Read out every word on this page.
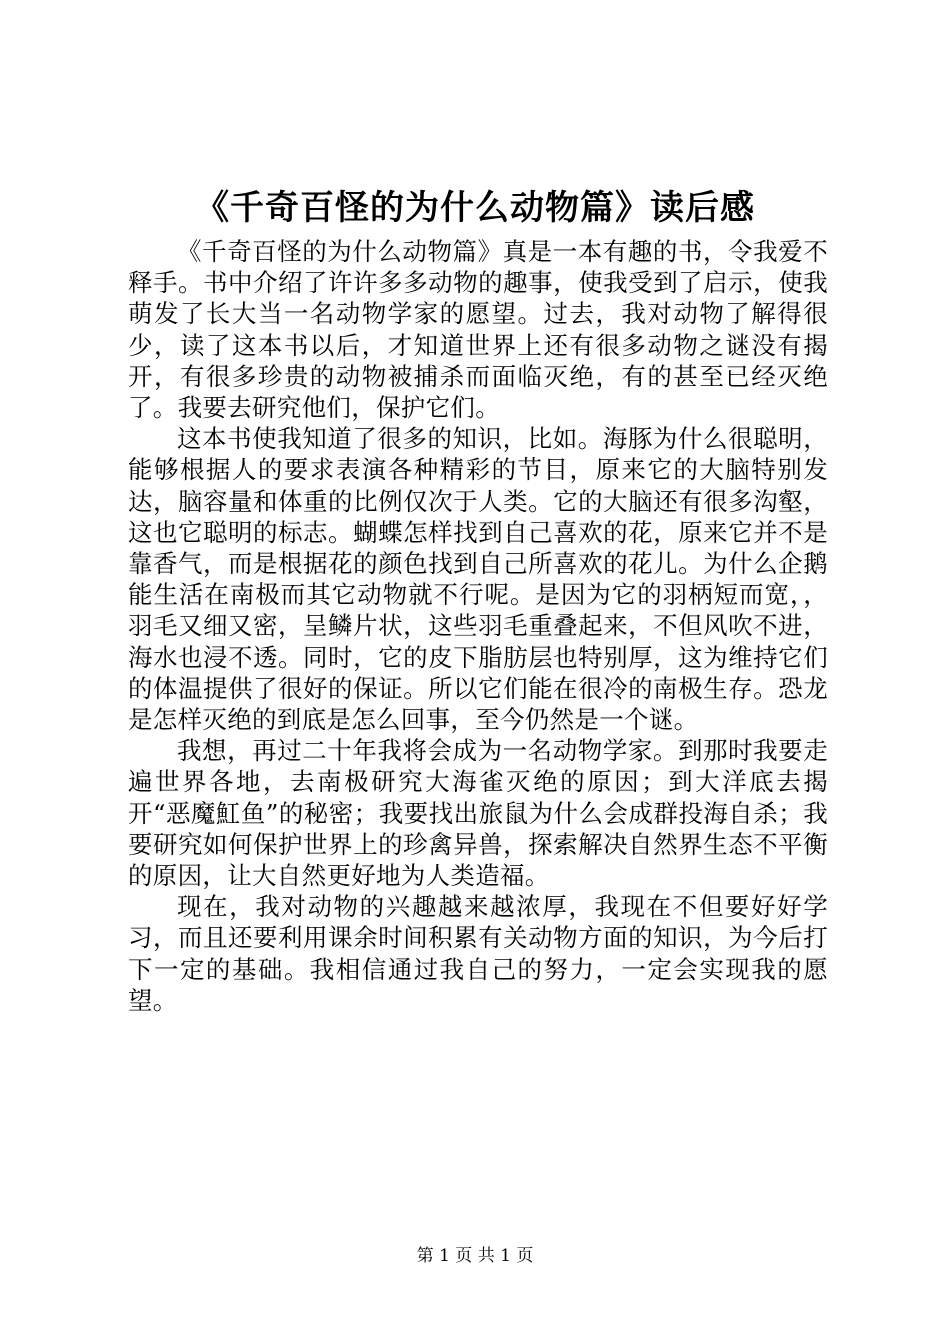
《千奇百怪的为什么动物篇》读后感

《千奇百怪的为什么动物篇》真是一本有趣的书，令我爱不释手。书中介绍了许许多多动物的趣事，使我受到了启示，使我萌发了长大当一名动物学家的愿望。过去，我对动物了解得很少，读了这本书以后，才知道世界上还有很多动物之谜没有揭开，有很多珍贵的动物被捕杀而面临灭绝，有的甚至已经灭绝了。我要去研究他们，保护它们。

这本书使我知道了很多的知识，比如。海豚为什么很聪明，能够根据人的要求表演各种精彩的节目，原来它的大脑特别发达，脑容量和体重的比例仅次于人类。它的大脑还有很多沟壑，这也它聪明的标志。蝴蝶怎样找到自己喜欢的花，原来它并不是靠香气，而是根据花的颜色找到自己所喜欢的花儿。为什么企鹅能生活在南极而其它动物就不行呢。是因为它的羽柄短而宽，，羽毛又细又密，呈鳞片状，这些羽毛重叠起来，不但风吹不进，海水也浸不透。同时，它的皮下脂肪层也特别厚，这为维持它们的体温提供了很好的保证。所以它们能在很冷的南极生存。恐龙是怎样灭绝的到底是怎么回事，至今仍然是一个谜。

我想，再过二十年我将会成为一名动物学家。到那时我要走遍世界各地，去南极研究大海雀灭绝的原因；到大洋底去揭开“恶魔魟鱼”的秘密；我要找出旅鼠为什么会成群投海自杀；我要研究如何保护世界上的珍禽异兽，探索解决自然界生态不平衡的原因，让大自然更好地为人类造福。

现在，我对动物的兴趣越来越浓厚，我现在不但要好好学习，而且还要利用课余时间积累有关动物方面的知识，为今后打下一定的基础。我相信通过我自己的努力，一定会实现我的愿望。

第 1 页 共 1 页
